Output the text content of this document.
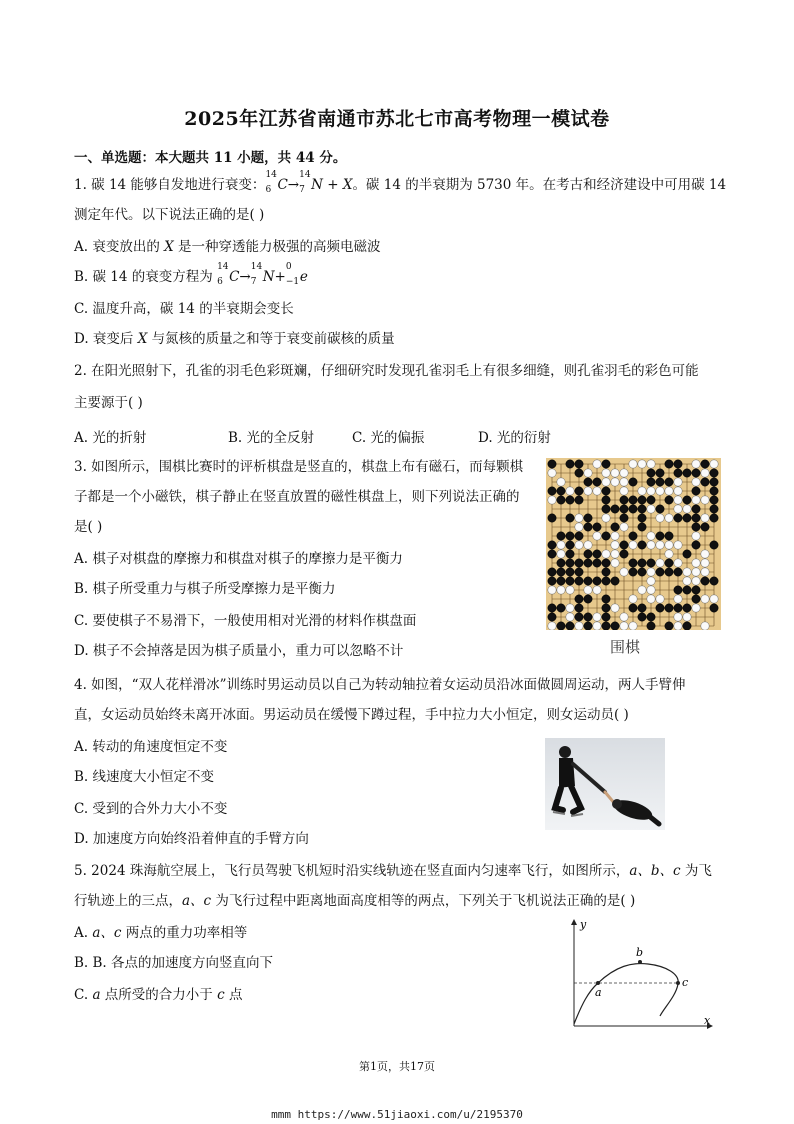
2025年江苏省南通市苏北七市高考物理一模试卷
一、单选题：本大题共 11 小题，共 44 分。
1. 碳 14 能够自发地进行衰变：
14
6 C→
14
7 N + X。碳 14 的半衰期为 5730 年。在考古和经济建设中可用碳 14
测定年代。以下说法正确的是( )
A. 衰变放出的 X 是一种穿透能力极强的高频电磁波
B. 碳 14 的衰变方程为
14
6 C→
14
7 N+
0
−1 e
C. 温度升高，碳 14 的半衰期会变长
D. 衰变后 X 与氮核的质量之和等于衰变前碳核的质量
2. 在阳光照射下，孔雀的羽毛色彩斑斓，仔细研究时发现孔雀羽毛上有很多细缝，则孔雀羽毛的彩色可能
主要源于( )
A. 光的折射	B. 光的全反射	C. 光的偏振	D. 光的衍射
3. 如图所示，围棋比赛时的评析棋盘是竖直的，棋盘上布有磁石，而每颗棋
子都是一个小磁铁，棋子静止在竖直放置的磁性棋盘上，则下列说法正确的
是( )
A. 棋子对棋盘的摩擦力和棋盘对棋子的摩擦力是平衡力
B. 棋子所受重力与棋子所受摩擦力是平衡力
C. 要使棋子不易滑下，一般使用相对光滑的材料作棋盘面
D. 棋子不会掉落是因为棋子质量小，重力可以忽略不计	围棋
4. 如图，“双人花样滑冰”训练时男运动员以自己为转动轴拉着女运动员沿冰面做圆周运动，两人手臂伸
直，女运动员始终未离开冰面。男运动员在缓慢下蹲过程，手中拉力大小恒定，则女运动员( )
A. 转动的角速度恒定不变
B. 线速度大小恒定不变
C. 受到的合外力大小不变
D. 加速度方向始终沿着伸直的手臂方向
5. 2024 珠海航空展上，飞行员驾驶飞机短时沿实线轨迹在竖直面内匀速率飞行，如图所示，a、b、c 为飞
行轨迹上的三点，a、c 为飞行过程中距离地面高度相等的两点，下列关于飞机说法正确的是( )
A. a、c 两点的重力功率相等
B. B. 各点的加速度方向竖直向下
C. a 点所受的合力小于 c 点
y
x
a
b
c
第1页，共17页
mmm https://www.51jiaoxi.com/u/2195370
